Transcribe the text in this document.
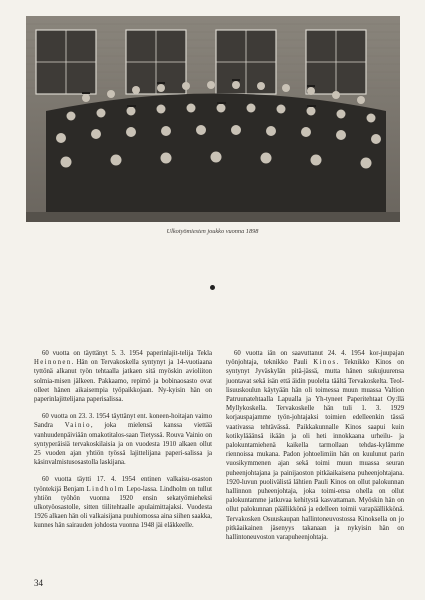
Ulkotyömiesten joukko vuonna 1898

60 vuotta on täyttänyt 5. 3. 1954 paperinlajit-telija Tekla Heinonen. Hän on Tervakoskella syntynyt ja 14-vuotiaana tyttönä alkanut työn tehtaalla jatkaen sitä myöskin avioliiton solmia-misen jälkeen. Pakkaamo, repimö ja bobinaosasto ovat olleet hänen aikaisempia työpaikkojaan. Ny-kyisin hän on paperinlajittelijana paperisalissa.

60 vuotta on 23. 3. 1954 täyttänyt ent. koneen-hoitajan vaimo Sandra Vainio, joka mielensä kanssa viettää vanhuudenpäiviään omakotitalos-saan Tietyssä. Rouva Vainio on syntyperäisiä tervakoskilaisia ja on vuodesta 1910 alkaen ollut 25 vuoden ajan yhtiön työssä lajittelijana paperi-salissa ja käsinvalmistusosastolla laskijana.

60 vuotta täytti 17. 4. 1954 entinen valkaisu-osaston työntekijä Benjam Lindholm Lepo-lassa. Lindholm on tullut yhtiön työhön vuonna 1920 ensin sekatyömieheksi ulkotyöosastolle, sitten tiilitehtaalle apulaimittajaksi. Vuodesta 1926 alkaen hän oli valkaisijana puuhiomossa aina siihen saakka, kunnes hän sairauden johdosta vuonna 1948 jäi eläkkeelle.

60 vuotta iän on saavuttanut 24. 4. 1954 kor-juupajan työnjohtaja, teknikko Pauli Kinos. Teknikko Kinos on syntynyt Jyväskylän pitä-jässä, mutta hänen sukujuurensa juontavat sekä isän että äidin puolelta täältä Tervakoskelta. Teol-lisuuskoulun käytyään hän oli toimessa muun muassa Valtion Patruunatehtaalla Lapualla ja Yh-tyneet Paperitehtaat Oy:llä Myllykoskella. Tervakoskelle hän tuli 1. 3. 1929 korjauspajamme työn-johtajaksi toimien edelleenkin tässä vaativassa tehtävässä. Paikkakunnalle Kinos saapui kuin kotikylääänsä ikään ja oli heti innokkaana urheilu- ja palokuntamiehenä kaikella tarmollaan tehdas-kylämme riennoissa mukana. Padon johtoelimiin hän on kuulunut parin vuosikymmenen ajan sekä toimi muun muassa seuran puheenjohtajana ja painijaoston pitkäaikaisena puheenjohtajana. 1920-luvun puolivälistä lähtien Pauli Kinos on ollut palokunnan hallinnon puheenjohtaja, joka toimi-ensa ohella on ollut palokuntamme jatkuvaa kehitystä kasvattaman. Myöskin hän on ollut palokunnan päällikkönä ja edelleen toimii varapäällikkönä. Tervakosken Osuuskaupan hallintoneuvostossa Kinoksella on jo pitkäaikainen jäsenyys takanaan ja nykyisin hän on hallintoneuvoston varapuheenjohtaja.

34
